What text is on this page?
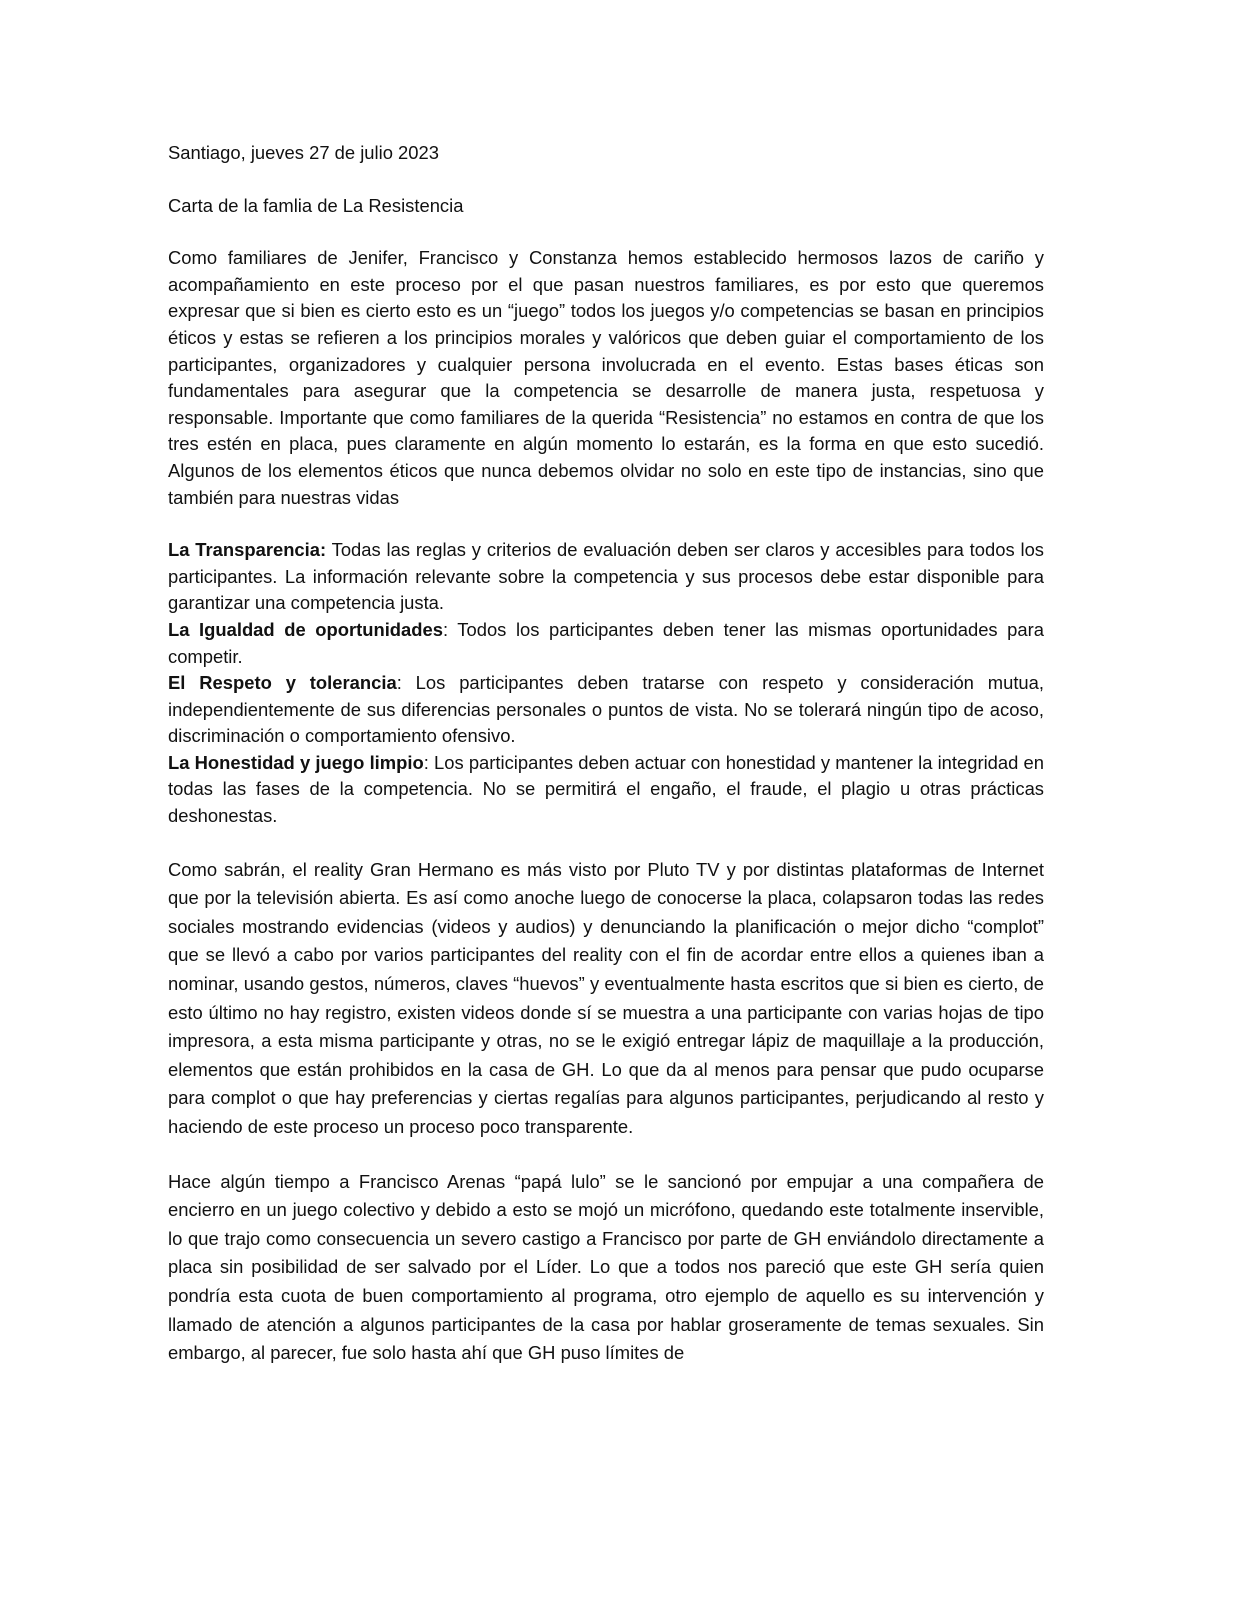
Santiago, jueves 27 de julio 2023

Carta de la famlia de La Resistencia

Como familiares de Jenifer, Francisco y Constanza hemos establecido hermosos lazos de cariño y acompañamiento en este proceso por el que pasan nuestros familiares, es por esto que queremos expresar que si bien es cierto esto es un “juego” todos los juegos y/o competencias se basan en principios éticos y estas se refieren a los principios morales y valóricos que deben guiar el comportamiento de los participantes, organizadores y cualquier persona involucrada en el evento. Estas bases éticas son fundamentales para asegurar que la competencia se desarrolle de manera justa, respetuosa y responsable. Importante que como familiares de la querida “Resistencia” no estamos en contra de que los tres estén en placa, pues claramente en algún momento lo estarán, es la forma en que esto sucedió. Algunos de los elementos éticos que nunca debemos olvidar no solo en este tipo de instancias, sino que también para nuestras vidas

La Transparencia: Todas las reglas y criterios de evaluación deben ser claros y accesibles para todos los participantes. La información relevante sobre la competencia y sus procesos debe estar disponible para garantizar una competencia justa.

La Igualdad de oportunidades: Todos los participantes deben tener las mismas oportunidades para competir.

El Respeto y tolerancia: Los participantes deben tratarse con respeto y consideración mutua, independientemente de sus diferencias personales o puntos de vista. No se tolerará ningún tipo de acoso, discriminación o comportamiento ofensivo.

La Honestidad y juego limpio: Los participantes deben actuar con honestidad y mantener la integridad en todas las fases de la competencia. No se permitirá el engaño, el fraude, el plagio u otras prácticas deshonestas.

Como sabrán, el reality Gran Hermano es más visto por Pluto TV y por distintas plataformas de Internet que por la televisión abierta. Es así como anoche luego de conocerse la placa, colapsaron todas las redes sociales mostrando evidencias (videos y audios) y denunciando la planificación o mejor dicho “complot” que se llevó a cabo por varios participantes del reality con el fin de acordar entre ellos a quienes iban a nominar, usando gestos, números, claves “huevos” y eventualmente hasta escritos que si bien es cierto, de esto último no hay registro, existen videos donde sí se muestra a una participante con varias hojas de tipo impresora, a esta misma participante y otras, no se le exigió entregar lápiz de maquillaje a la producción, elementos que están prohibidos en la casa de GH. Lo que da al menos para pensar que pudo ocuparse para complot o que hay preferencias y ciertas regalías para algunos participantes, perjudicando al resto y haciendo de este proceso un proceso poco transparente.

Hace algún tiempo a Francisco Arenas “papá lulo” se le sancionó por empujar a una compañera de encierro en un juego colectivo y debido a esto se mojó un micrófono, quedando este totalmente inservible, lo que trajo como consecuencia un severo castigo a Francisco por parte de GH enviándolo directamente a placa sin posibilidad de ser salvado por el Líder. Lo que a todos nos pareció que este GH sería quien pondría esta cuota de buen comportamiento al programa, otro ejemplo de aquello es su intervención y llamado de atención a algunos participantes de la casa por hablar groseramente de temas sexuales. Sin embargo, al parecer, fue solo hasta ahí que GH puso límites de
